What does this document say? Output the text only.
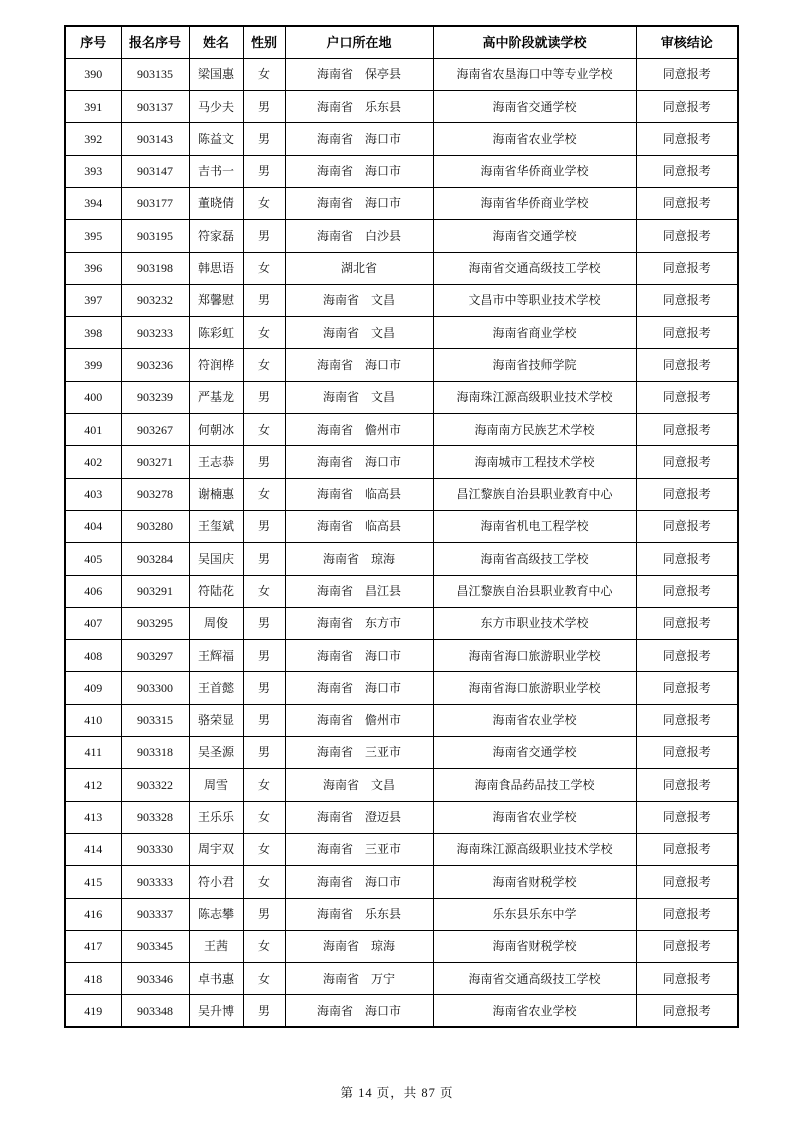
序号	报名序号	姓名	性别	户口所在地	高中阶段就读学校	审核结论
390	903135	梁国惠	女	海南省　保亭县	海南省农垦海口中等专业学校	同意报考
391	903137	马少夫	男	海南省　乐东县	海南省交通学校	同意报考
392	903143	陈益文	男	海南省　海口市	海南省农业学校	同意报考
393	903147	吉书一	男	海南省　海口市	海南省华侨商业学校	同意报考
394	903177	董晓倩	女	海南省　海口市	海南省华侨商业学校	同意报考
395	903195	符家磊	男	海南省　白沙县	海南省交通学校	同意报考
396	903198	韩思语	女	湖北省	海南省交通高级技工学校	同意报考
397	903232	郑馨慰	男	海南省　文昌	文昌市中等职业技术学校	同意报考
398	903233	陈彩虹	女	海南省　文昌	海南省商业学校	同意报考
399	903236	符润桦	女	海南省　海口市	海南省技师学院	同意报考
400	903239	严基龙	男	海南省　文昌	海南珠江源高级职业技术学校	同意报考
401	903267	何朝冰	女	海南省　儋州市	海南南方民族艺术学校	同意报考
402	903271	王志恭	男	海南省　海口市	海南城市工程技术学校	同意报考
403	903278	谢楠惠	女	海南省　临高县	昌江黎族自治县职业教育中心	同意报考
404	903280	王玺斌	男	海南省　临高县	海南省机电工程学校	同意报考
405	903284	吴国庆	男	海南省　琼海	海南省高级技工学校	同意报考
406	903291	符陆花	女	海南省　昌江县	昌江黎族自治县职业教育中心	同意报考
407	903295	周俊	男	海南省　东方市	东方市职业技术学校	同意报考
408	903297	王辉福	男	海南省　海口市	海南省海口旅游职业学校	同意报考
409	903300	王首懿	男	海南省　海口市	海南省海口旅游职业学校	同意报考
410	903315	骆荣显	男	海南省　儋州市	海南省农业学校	同意报考
411	903318	吴圣源	男	海南省　三亚市	海南省交通学校	同意报考
412	903322	周雪	女	海南省　文昌	海南食品药品技工学校	同意报考
413	903328	王乐乐	女	海南省　澄迈县	海南省农业学校	同意报考
414	903330	周宇双	女	海南省　三亚市	海南珠江源高级职业技术学校	同意报考
415	903333	符小君	女	海南省　海口市	海南省财税学校	同意报考
416	903337	陈志攀	男	海南省　乐东县	乐东县乐东中学	同意报考
417	903345	王茜	女	海南省　琼海	海南省财税学校	同意报考
418	903346	卓书惠	女	海南省　万宁	海南省交通高级技工学校	同意报考
419	903348	吴升博	男	海南省　海口市	海南省农业学校	同意报考
第 14 页，共 87 页
